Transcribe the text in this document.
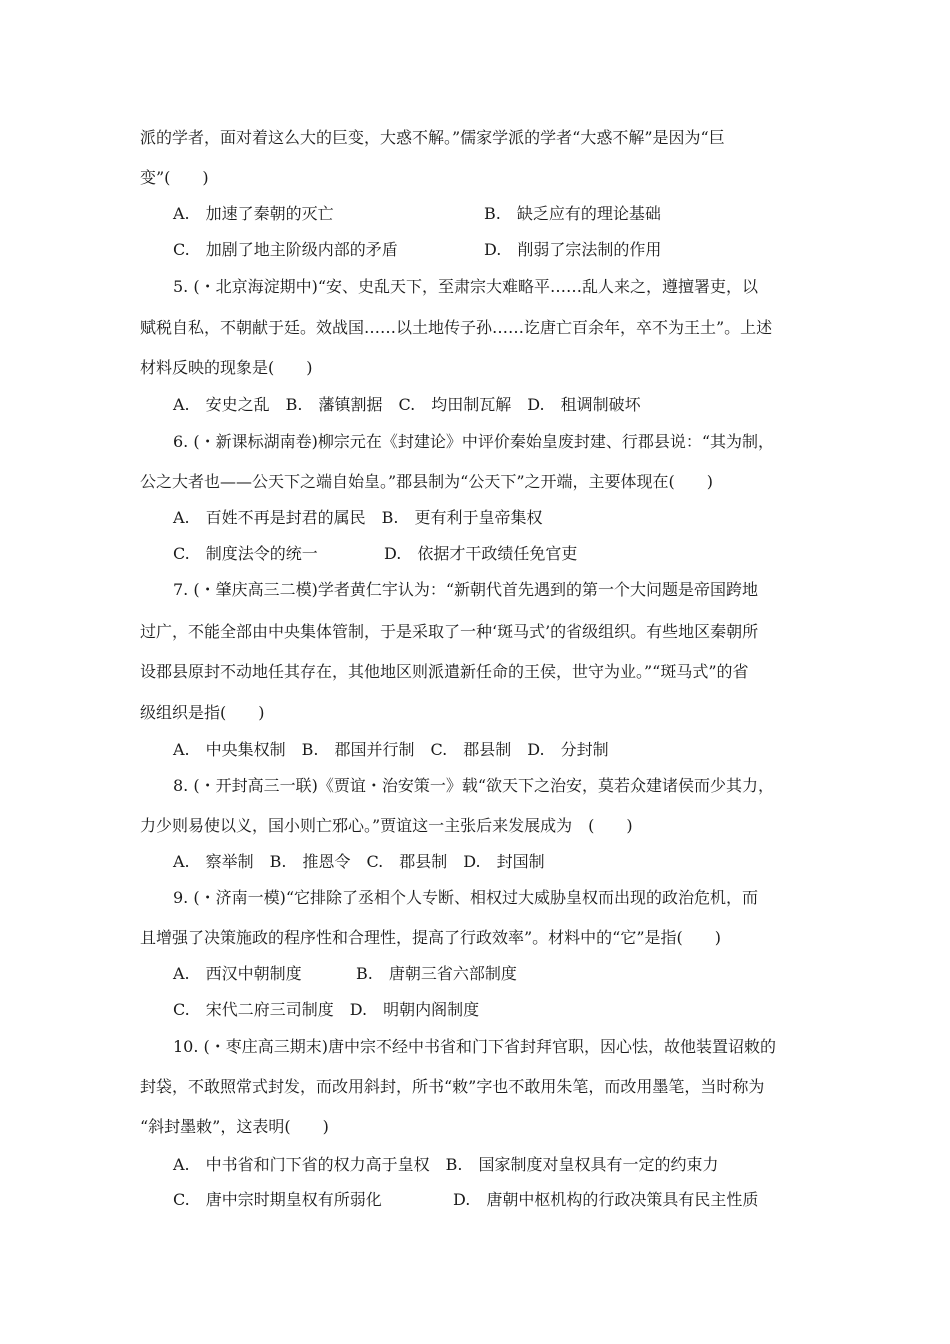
派的学者，面对着这么大的巨变，大惑不解。”儒家学派的学者“大惑不解”是因为“巨
变”(　　)
A.　加速了秦朝的灭亡	B.　缺乏应有的理论基础
C.　加剧了地主阶级内部的矛盾	D.　削弱了宗法制的作用
5. (・北京海淀期中)“安、史乱天下，至肃宗大难略平……乱人来之，遵擅署吏，以
赋税自私，不朝献于廷。效战国……以土地传子孙……讫唐亡百余年，卒不为王土”。上述
材料反映的现象是(　　)
A.　安史之乱　B.　藩镇割据　C.　均田制瓦解　D.　租调制破坏
6. (・新课标湖南卷)柳宗元在《封建论》中评价秦始皇废封建、行郡县说：“其为制，
公之大者也——公天下之端自始皇。”郡县制为“公天下”之开端，主要体现在(　　)
A.　百姓不再是封君的属民　B.　更有利于皇帝集权
C.　制度法令的统一	D.　依据才干政绩任免官吏
7. (・肇庆高三二模)学者黄仁宇认为：“新朝代首先遇到的第一个大问题是帝国跨地
过广，不能全部由中央集体管制，于是采取了一种‘斑马式’的省级组织。有些地区秦朝所
设郡县原封不动地任其存在，其他地区则派遣新任命的王侯，世守为业。”“斑马式”的省
级组织是指(　　)
A.　中央集权制　B.　郡国并行制　C.　郡县制　D.　分封制
8. (・开封高三一联)《贾谊・治安策一》载“欲天下之治安，莫若众建诸侯而少其力，
力少则易使以义，国小则亡邪心。”贾谊这一主张后来发展成为　(　　)
A.　察举制　B.　推恩令　C.　郡县制　D.　封国制
9. (・济南一模)“它排除了丞相个人专断、相权过大威胁皇权而出现的政治危机，而
且增强了决策施政的程序性和合理性，提高了行政效率”。材料中的“它”是指(　　)
A.　西汉中朝制度	B.　唐朝三省六部制度
C.　宋代二府三司制度　D.　明朝内阁制度
10. (・枣庄高三期末)唐中宗不经中书省和门下省封拜官职，因心怯，故他装置诏敕的
封袋，不敢照常式封发，而改用斜封，所书“敕”字也不敢用朱笔，而改用墨笔，当时称为
“斜封墨敕”，这表明(　　)
A.　中书省和门下省的权力高于皇权　B.　国家制度对皇权具有一定的约束力
C.　唐中宗时期皇权有所弱化	D.　唐朝中枢机构的行政决策具有民主性质
